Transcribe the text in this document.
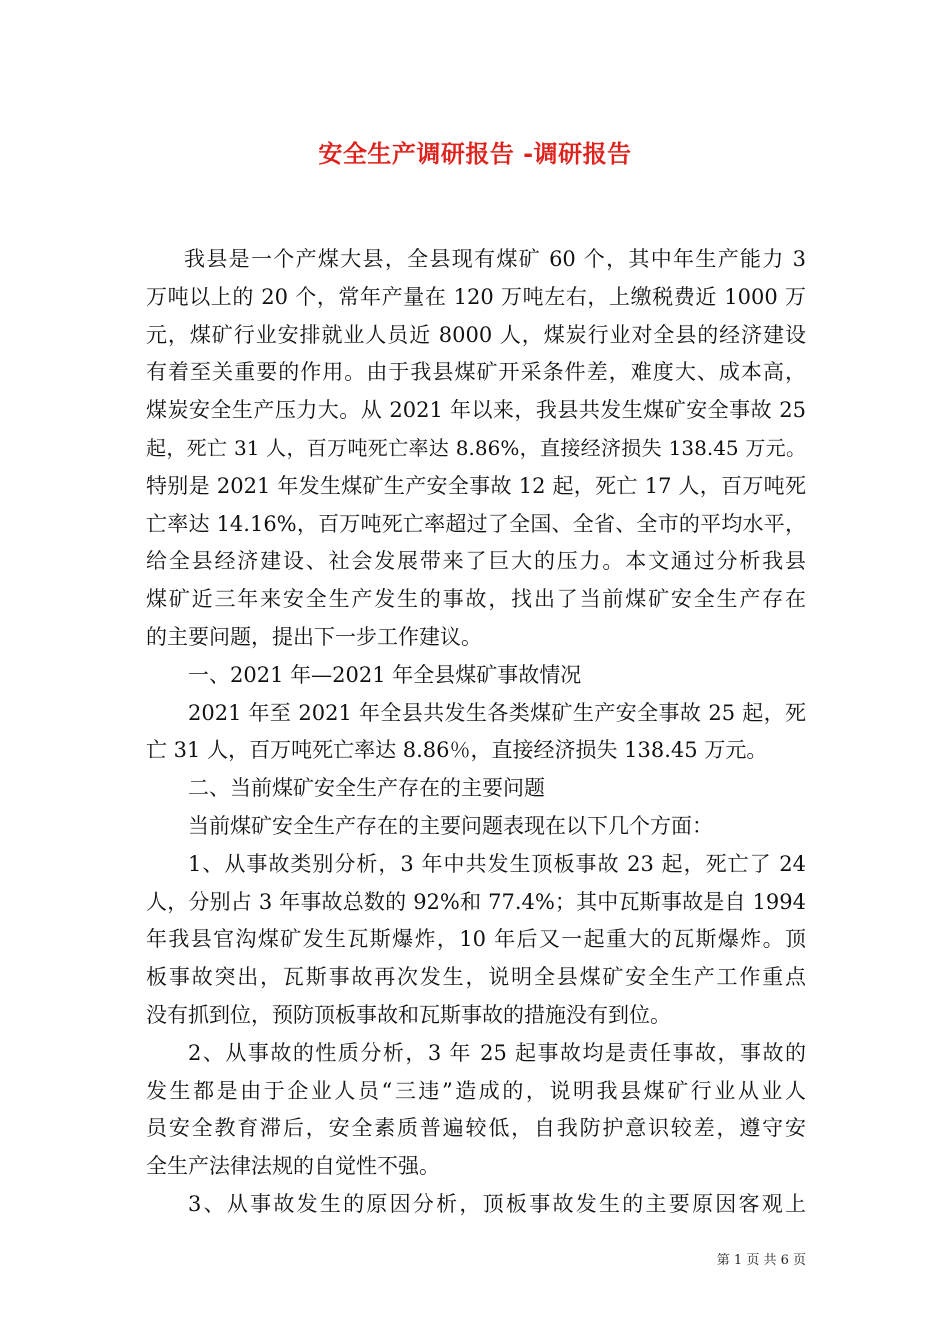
安全生产调研报告 -调研报告
我县是一个产煤大县，全县现有煤矿 60 个，其中年生产能力 3
万吨以上的 20 个，常年产量在 120 万吨左右，上缴税费近 1000 万
元，煤矿行业安排就业人员近 8000 人，煤炭行业对全县的经济建设
有着至关重要的作用。由于我县煤矿开采条件差，难度大、成本高，
煤炭安全生产压力大。从 2021 年以来，我县共发生煤矿安全事故 25
起，死亡 31 人，百万吨死亡率达 8.86%，直接经济损失 138.45 万元。
特别是 2021 年发生煤矿生产安全事故 12 起，死亡 17 人，百万吨死
亡率达 14.16%，百万吨死亡率超过了全国、全省、全市的平均水平，
给全县经济建设、社会发展带来了巨大的压力。本文通过分析我县
煤矿近三年来安全生产发生的事故，找出了当前煤矿安全生产存在
的主要问题，提出下一步工作建议。
一、2021 年—2021 年全县煤矿事故情况
2021 年至 2021 年全县共发生各类煤矿生产安全事故 25 起，死
亡 31 人，百万吨死亡率达 8.86％，直接经济损失 138.45 万元。
二、当前煤矿安全生产存在的主要问题
当前煤矿安全生产存在的主要问题表现在以下几个方面：
1、从事故类别分析，3 年中共发生顶板事故 23 起，死亡了 24
人，分别占 3 年事故总数的 92%和 77.4%；其中瓦斯事故是自 1994
年我县官沟煤矿发生瓦斯爆炸，10 年后又一起重大的瓦斯爆炸。顶
板事故突出，瓦斯事故再次发生，说明全县煤矿安全生产工作重点
没有抓到位，预防顶板事故和瓦斯事故的措施没有到位。
2、从事故的性质分析，3 年 25 起事故均是责任事故，事故的
发生都是由于企业人员“三违”造成的，说明我县煤矿行业从业人
员安全教育滞后，安全素质普遍较低，自我防护意识较差，遵守安
全生产法律法规的自觉性不强。
3、从事故发生的原因分析，顶板事故发生的主要原因客观上
第 1 页 共 6 页
